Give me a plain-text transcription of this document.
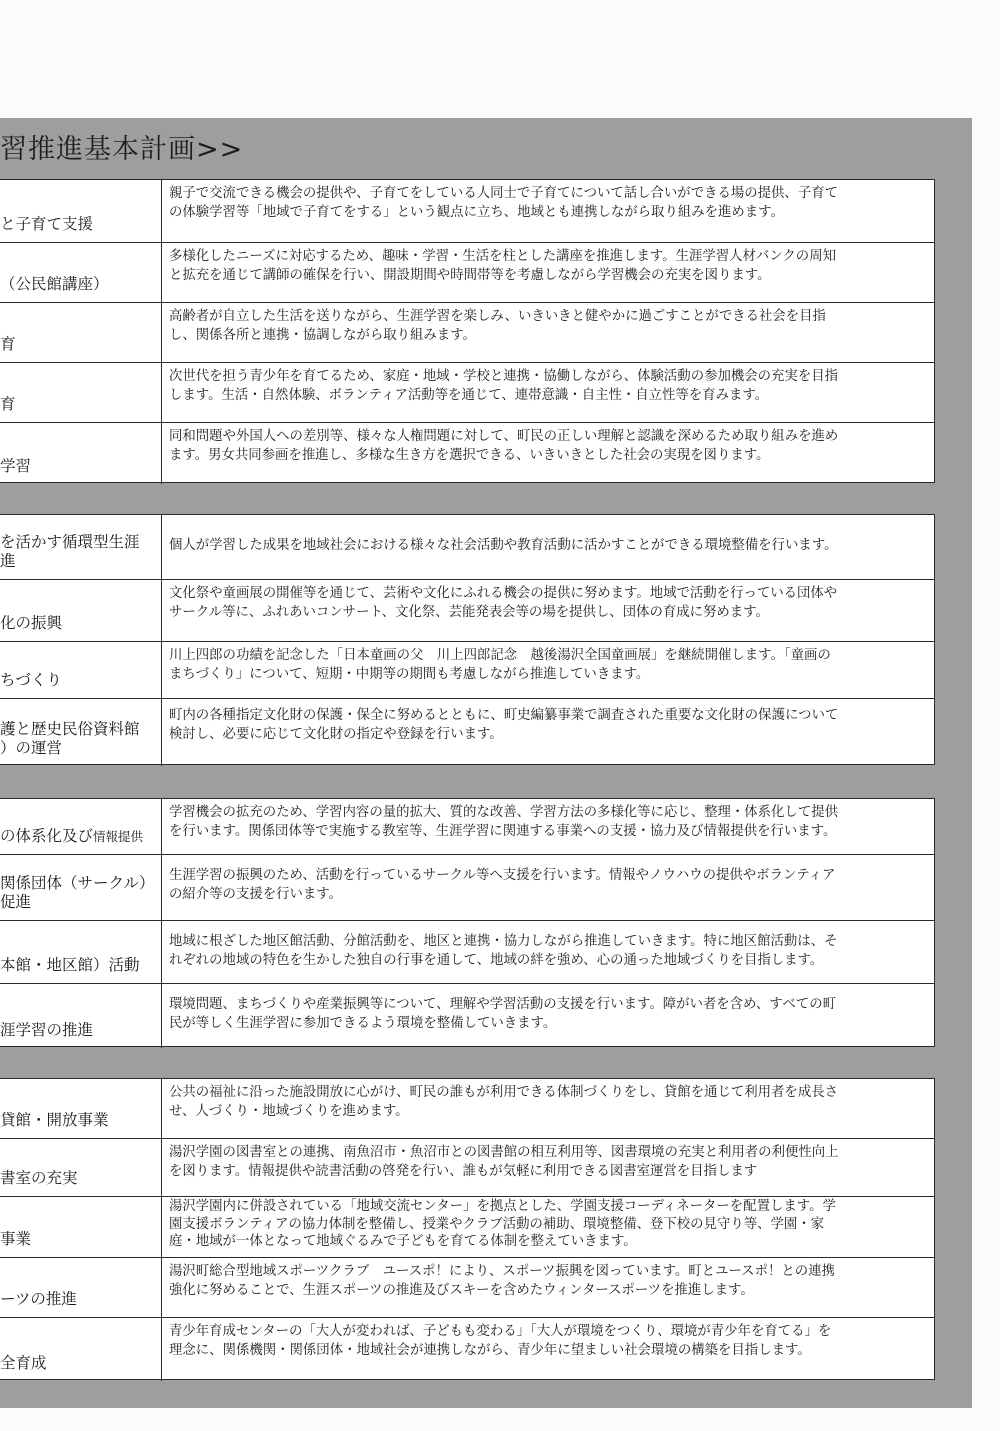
習推進基本計画>>
と子育て支援
親子で交流できる機会の提供や、子育てをしている人同士で子育てについて話し合いができる場の提供、子育て
の体験学習等「地域で子育てをする」という観点に立ち、地域とも連携しながら取り組みを進めます。
（公民館講座）
多様化したニーズに対応するため、趣味・学習・生活を柱とした講座を推進します。生涯学習人材バンクの周知
と拡充を通じて講師の確保を行い、開設期間や時間帯等を考慮しながら学習機会の充実を図ります。
育
高齢者が自立した生活を送りながら、生涯学習を楽しみ、いきいきと健やかに過ごすことができる社会を目指
し、関係各所と連携・協調しながら取り組みます。
育
次世代を担う青少年を育てるため、家庭・地域・学校と連携・協働しながら、体験活動の参加機会の充実を目指
します。生活・自然体験、ボランティア活動等を通じて、連帯意識・自主性・自立性等を育みます。
学習
同和問題や外国人への差別等、様々な人権問題に対して、町民の正しい理解と認識を深めるため取り組みを進め
ます。男女共同参画を推進し、多様な生き方を選択できる、いきいきとした社会の実現を図ります。
を活かす循環型生涯
進
個人が学習した成果を地域社会における様々な社会活動や教育活動に活かすことができる環境整備を行います。
化の振興
文化祭や童画展の開催等を通じて、芸術や文化にふれる機会の提供に努めます。地域で活動を行っている団体や
サークル等に、ふれあいコンサート、文化祭、芸能発表会等の場を提供し、団体の育成に努めます。
ちづくり
川上四郎の功績を記念した「日本童画の父　川上四郎記念　越後湯沢全国童画展」を継続開催します。「童画の
まちづくり」について、短期・中期等の期間も考慮しながら推進していきます。
護と歴史民俗資料館
）の運営
町内の各種指定文化財の保護・保全に努めるとともに、町史編纂事業で調査された重要な文化財の保護について
検討し、必要に応じて文化財の指定や登録を行います。
の体系化及び 情報提供
学習機会の拡充のため、学習内容の量的拡大、質的な改善、学習方法の多様化等に応じ、整理・体系化して提供
を行います。関係団体等で実施する教室等、生涯学習に関連する事業への支援・協力及び情報提供を行います。
関係団体（サークル）
促進
生涯学習の振興のため、活動を行っているサークル等へ支援を行います。情報やノウハウの提供やボランティア
の紹介等の支援を行います。
本館・地区館）活動
地域に根ざした地区館活動、分館活動を、地区と連携・協力しながら推進していきます。特に地区館活動は、そ
れぞれの地域の特色を生かした独自の行事を通して、地域の絆を強め、心の通った地域づくりを目指します。
涯学習の推進
環境問題、まちづくりや産業振興等について、理解や学習活動の支援を行います。障がい者を含め、すべての町
民が等しく生涯学習に参加できるよう環境を整備していきます。
貸館・開放事業
公共の福祉に沿った施設開放に心がけ、町民の誰もが利用できる体制づくりをし、貸館を通じて利用者を成長さ
せ、人づくり・地域づくりを進めます。
書室の充実
湯沢学園の図書室との連携、南魚沼市・魚沼市との図書館の相互利用等、図書環境の充実と利用者の利便性向上
を図ります。情報提供や読書活動の啓発を行い、誰もが気軽に利用できる図書室運営を目指します
事業
湯沢学園内に併設されている「地域交流センター」を拠点とした、学園支援コーディネーターを配置します。学
園支援ボランティアの協力体制を整備し、授業やクラブ活動の補助、環境整備、登下校の見守り等、学園・家
庭・地域が一体となって地域ぐるみで子どもを育てる体制を整えていきます。
ーツの推進
湯沢町総合型地域スポーツクラブ　ユースポ！により、スポーツ振興を図っています。町とユースポ！との連携
強化に努めることで、生涯スポーツの推進及びスキーを含めたウィンタースポーツを推進します。
全育成
青少年育成センターの「大人が変われば、子どもも変わる」「大人が環境をつくり、環境が青少年を育てる」を
理念に、関係機関・関係団体・地域社会が連携しながら、青少年に望ましい社会環境の構築を目指します。
